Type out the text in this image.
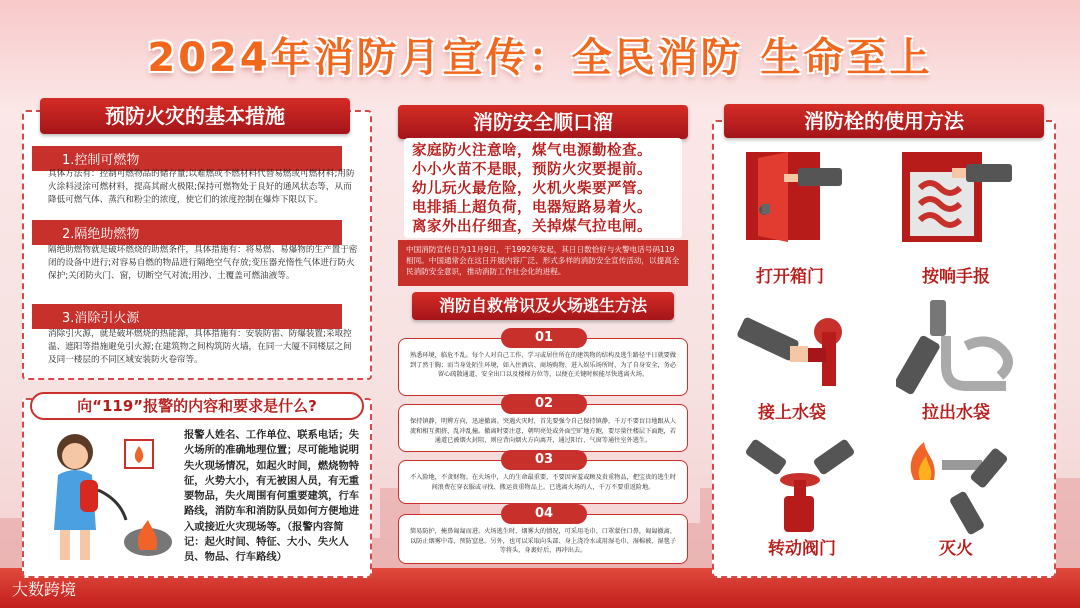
2024年消防月宣传：全民消防 生命至上
预防火灾的基本措施
1.控制可燃物
具体方法有：控制可燃物品的储存量;以难燃或不燃材料代替易燃或可燃材料;用防火涂料浸涂可燃材料，提高其耐火极限;保持可燃物处于良好的通风状态等，从而降低可燃气体、蒸汽和粉尘的浓度，使它们的浓度控制在爆炸下限以下。
2.隔绝助燃物
隔绝助燃物就是破坏燃烧的助燃条件，具体措施有：将易燃、易爆物的生产置于密闭的设备中进行;对容易自燃的物品进行隔绝空气存放;变压器充惰性气体进行防火保护;关闭防火门、窗，切断空气对流;用沙、土覆盖可燃油液等。
3.消除引火源
消除引火源，就是破坏燃烧的热能源，具体措施有：安装防雷、防爆装置;采取控温、遮阳等措施避免引火源;在建筑物之间构筑防火墙，在同一大厦不同楼层之间及同一楼层的不同区域安装防火卷帘等。
向“119”报警的内容和要求是什么?
报警人姓名、工作单位、联系电话；失火场所的准确地理位置；尽可能地说明失火现场情况，如起火时间，燃烧物特征，火势大小，有无被困人员，有无重要物品，失火周围有何重要建筑，行车路线，消防车和消防队员如何方便地进入或接近火灾现场等。（报警内容简记：起火时间、特征、大小、失火人员、物品、行车路线）
消防安全顺口溜
家庭防火注意啥，煤气电源勤检查。
小小火苗不是眼，预防火灾要提前。
幼儿玩火最危险，火机火柴要严管。
电排插上超负荷，电器短路易着火。
离家外出仔细查，关掉煤气拉电闸。
中国消防宣传日为11月9日，于1992年发起，其日日数恰好与火警电话号码119相同。中国通常会在这日开展内容广泛、形式多样的消防安全宣传活动，以提高全民消防安全意识，推动消防工作社会化的进程。
消防自救常识及火场逃生方法
01
熟悉环境，临危不乱。每个人对自己工作、学习或居住所在的建筑物的结构及逃生路径平日就要做到了然于胸；而当身处陌生环境，如入住酒店、商场购物、进入娱乐场所时，为了自身安全，务必留心疏散通道、安全出口以及楼梯方位等，以便在关键时候能尽快逃离火场。
02
保持镇静，明辨方向，迅速撤离。突遇火灾时，首先要强令自己保持镇静，千万不要盲目地跟从人流和相互拥挤、乱冲乱撞。撤离时要注意，朝明亮处或外面空旷地方跑，要尽量往楼层下面跑，若通道已被烟火封阻，则应背向烟火方向离开，通过阳台、气窗等通往室外逃生。
03
不入险地，不贪财物。在火场中，人的生命最重要，不要因害羞或顾及贵重物品，把宝贵的逃生时间浪费在穿衣服或寻找、搬运贵重物品上。已逃离火场的人，千万不要重返险地。
04
简易防护，掩鼻匍匐而进。火场逃生时，烟雾大的情况，可采用毛巾、口罩蒙住口鼻，匍匐撤离，以防止烟雾中毒、预防窒息。另外，也可以采取向头部、身上浇冷水或用湿毛巾、湿棉被、湿毯子等将头、身裹好后，再冲出去。
消防栓的使用方法
打开箱门	按响手报
接上水袋	拉出水袋
转动阀门	灭火
大数跨境
